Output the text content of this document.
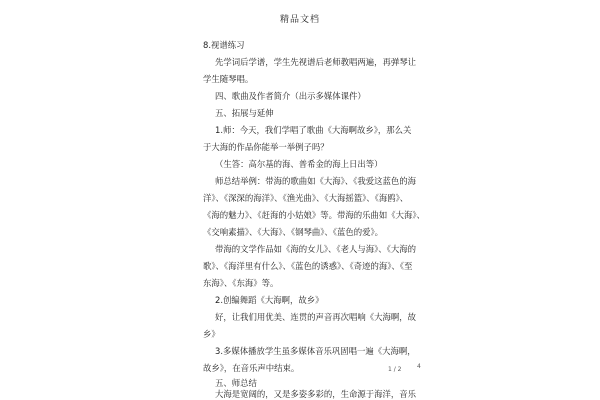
精品文档
8.视谱练习
先学词后学谱，学生先视谱后老师教唱两遍，再弹琴让
学生随琴唱。
四、歌曲及作者简介（出示多媒体课件）
五、拓展与延伸
1.师：今天，我们学唱了歌曲《大海啊故乡》，那么关
于大海的作品你能举一举例子吗？
（生答：高尔基的海、普希金的海上日出等）
师总结举例：带海的歌曲如《大海》、《我爱这蓝色的海
洋》、《深深的海洋》、《渔光曲》、《大海摇篮》、《海鸥》、
《海的魅力》、《赶海的小姑娘》等。带海的乐曲如《大海》、
《交响素描》、《大海》、《钢琴曲》、《蓝色的爱》。
带海的文学作品如《海的女儿》、《老人与海》、《大海的
歌》、《海洋里有什么》、《蓝色的诱惑》、《奇迹的海》、《至
东海》、《东海》等。
2.创编舞蹈《大海啊，故乡》
好，让我们用优美、连贯的声音再次唱响《大海啊，故
乡》
3.多媒体播放学生虽多媒体音乐巩固唱一遍《大海啊，
故乡》，在音乐声中结束。
五、师总结
大海是宽阔的，又是多姿多彩的，生命源于海洋，音乐
1 / 2	4
